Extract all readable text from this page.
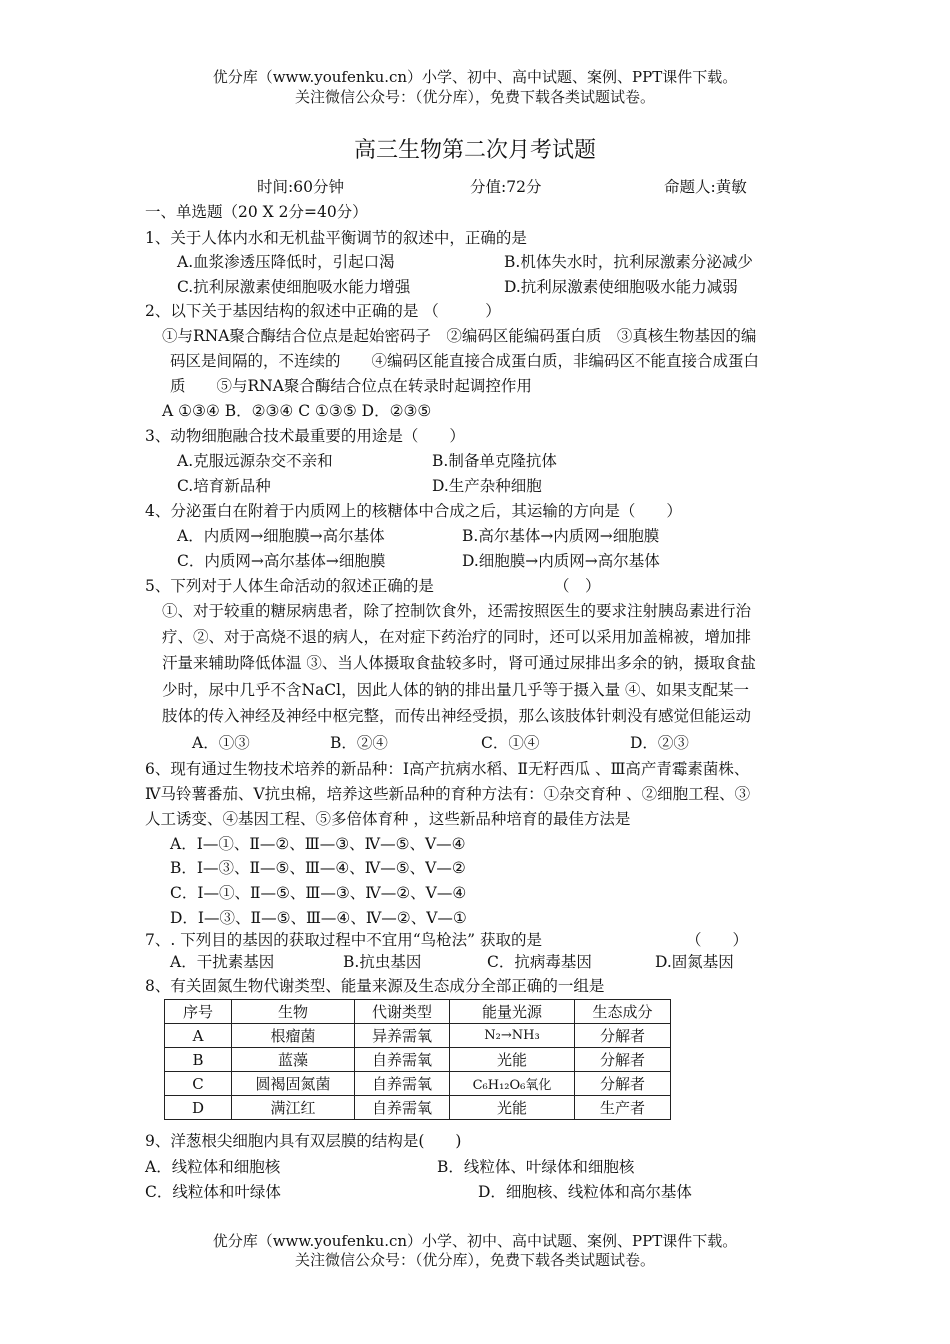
优分库（www.youfenku.cn）小学、初中、高中试题、案例、PPT课件下载。
关注微信公众号：（优分库），免费下载各类试题试卷。
高三生物第二次月考试题
时间:60分钟	分值:72分	命题人:黄敏
一、单选题（20 X 2分=40分）
1、关于人体内水和无机盐平衡调节的叙述中，正确的是
A.血浆渗透压降低时，引起口渴	B.机体失水时，抗利尿激素分泌减少
C.抗利尿激素使细胞吸水能力增强	D.抗利尿激素使细胞吸水能力减弱
2、以下关于基因结构的叙述中正确的是 （　　　）
①与RNA聚合酶结合位点是起始密码子　②编码区能编码蛋白质　③真核生物基因的编
码区是间隔的，不连续的　　④编码区能直接合成蛋白质，非编码区不能直接合成蛋白
质　　⑤与RNA聚合酶结合位点在转录时起调控作用
A ①③④ B．②③④ C ①③⑤ D．②③⑤
3、动物细胞融合技术最重要的用途是（　　）
A.克服远源杂交不亲和	B.制备单克隆抗体
C.培育新品种	D.生产杂种细胞
4、分泌蛋白在附着于内质网上的核糖体中合成之后，其运输的方向是（　　）
A．内质网→细胞膜→高尔基体	B.高尔基体→内质网→细胞膜
C．内质网→高尔基体→细胞膜	D.细胞膜→内质网→高尔基体
5、下列对于人体生命活动的叙述正确的是	（　）
①、对于较重的糖尿病患者，除了控制饮食外，还需按照医生的要求注射胰岛素进行治
疗、②、对于高烧不退的病人，在对症下药治疗的同时，还可以采用加盖棉被，增加排
汗量来辅助降低体温 ③、当人体摄取食盐较多时，肾可通过尿排出多余的钠，摄取食盐
少时，尿中几乎不含NaCl，因此人体的钠的排出量几乎等于摄入量 ④、如果支配某一
肢体的传入神经及神经中枢完整，而传出神经受损，那么该肢体针刺没有感觉但能运动
A．①③	B．②④	C．①④	D．②③
6、现有通过生物技术培养的新品种：Ⅰ高产抗病水稻、Ⅱ无籽西瓜 、Ⅲ高产青霉素菌株、
Ⅳ马铃薯番茄、Ⅴ抗虫棉，培养这些新品种的育种方法有：①杂交育种 、②细胞工程、③
人工诱变、④基因工程、⑤多倍体育种 ，这些新品种培育的最佳方法是
A．Ⅰ—①、Ⅱ—②、Ⅲ—③、Ⅳ—⑤、Ⅴ—④
B．Ⅰ—③、Ⅱ—⑤、Ⅲ—④、Ⅳ—⑤、Ⅴ—②
C．Ⅰ—①、Ⅱ—⑤、Ⅲ—③、Ⅳ—②、Ⅴ—④
D．Ⅰ—③、Ⅱ—⑤、Ⅲ—④、Ⅳ—②、Ⅴ—①
7、. 下列目的基因的获取过程中不宜用“鸟枪法” 获取的是	（　　）
A．干扰素基因	B.抗虫基因	C．抗病毒基因	D.固氮基因
8、有关固氮生物代谢类型、能量来源及生态成分全部正确的一组是
序号	生物	代谢类型	能量光源	生态成分
A	根瘤菌	异养需氧	N₂→NH₃	分解者
B	蓝藻	自养需氧	光能	分解者
C	圆褐固氮菌	自养需氧	C₆H₁₂O₆氧化	分解者
D	满江红	自养需氧	光能	生产者
9、洋葱根尖细胞内具有双层膜的结构是(　　)
A．线粒体和细胞核	B．线粒体、叶绿体和细胞核
C．线粒体和叶绿体	D．细胞核、线粒体和高尔基体
优分库（www.youfenku.cn）小学、初中、高中试题、案例、PPT课件下载。
关注微信公众号：（优分库），免费下载各类试题试卷。
